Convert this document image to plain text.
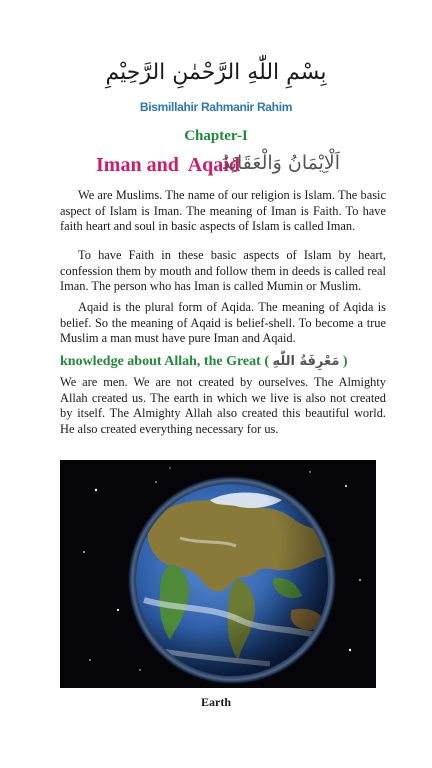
بِسْمِ اللّٰهِ الرَّحْمٰنِ الرَّحِيْمِ
Bismillahir Rahmanir Rahim
Chapter-I
Iman and  Aqaid
اَلْاِيْمَانُ وَالْعَقَائِدُ

We are Muslims. The name of our religion is Islam. The basic aspect of Islam is Iman. The meaning of Iman is Faith. To have faith heart and soul in basic aspects of Islam is called Iman.

To have Faith in these basic aspects of Islam by heart, confession them by mouth and follow them in deeds is called real Iman. The person who has Iman is called Mumin or Muslim.

Aqaid is the plural form of Aqida. The meaning of Aqida is belief. So the meaning of Aqaid is belief-shell. To become a true Muslim a man must have pure Iman and Aqaid.

knowledge about Allah, the Great ( مَعْرِفَةُ اللّٰهِ )

We are men. We are not created by ourselves. The Almighty Allah created us. The earth in which we live is also not created by itself. The Almighty Allah also created this beautiful world. He also created everything necessary for us.

Earth
